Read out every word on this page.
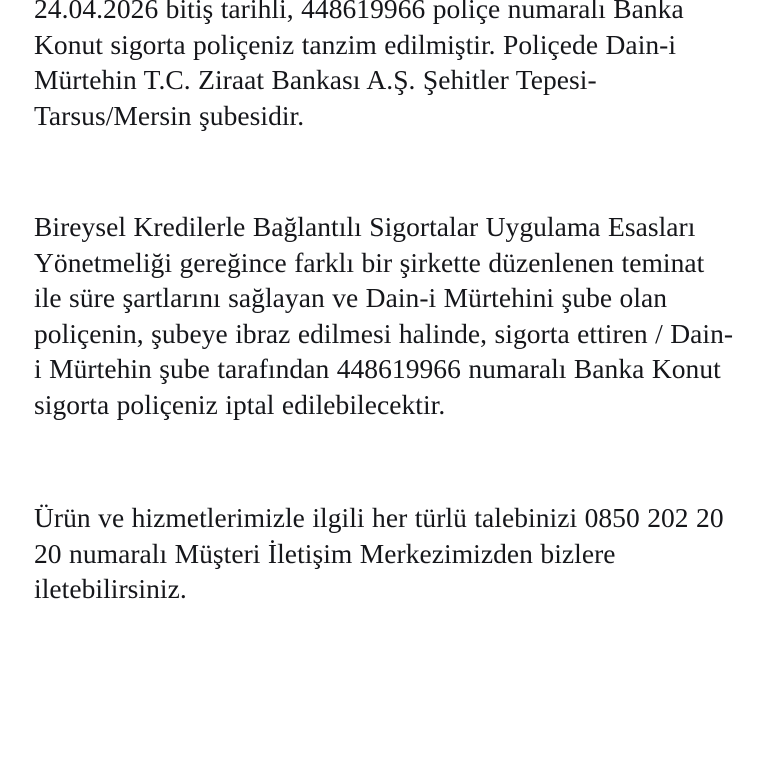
24.04.2026 bitiş tarihli, 448619966 poliçe numaralı Banka Konut sigorta poliçeniz tanzim edilmiştir. Poliçede Dain-i Mürtehin T.C. Ziraat Bankası A.Ş. Şehitler Tepesi-Tarsus/Mersin şubesidir.

Bireysel Kredilerle Bağlantılı Sigortalar Uygulama Esasları Yönetmeliği gereğince farklı bir şirkette düzenlenen teminat ile süre şartlarını sağlayan ve Dain-i Mürtehini şube olan poliçenin, şubeye ibraz edilmesi halinde, sigorta ettiren / Dain-i Mürtehin şube tarafından 448619966 numaralı Banka Konut sigorta poliçeniz iptal edilebilecektir.

Ürün ve hizmetlerimizle ilgili her türlü talebinizi 0850 202 20 20 numaralı Müşteri İletişim Merkezimizden bizlere iletebilirsiniz.
